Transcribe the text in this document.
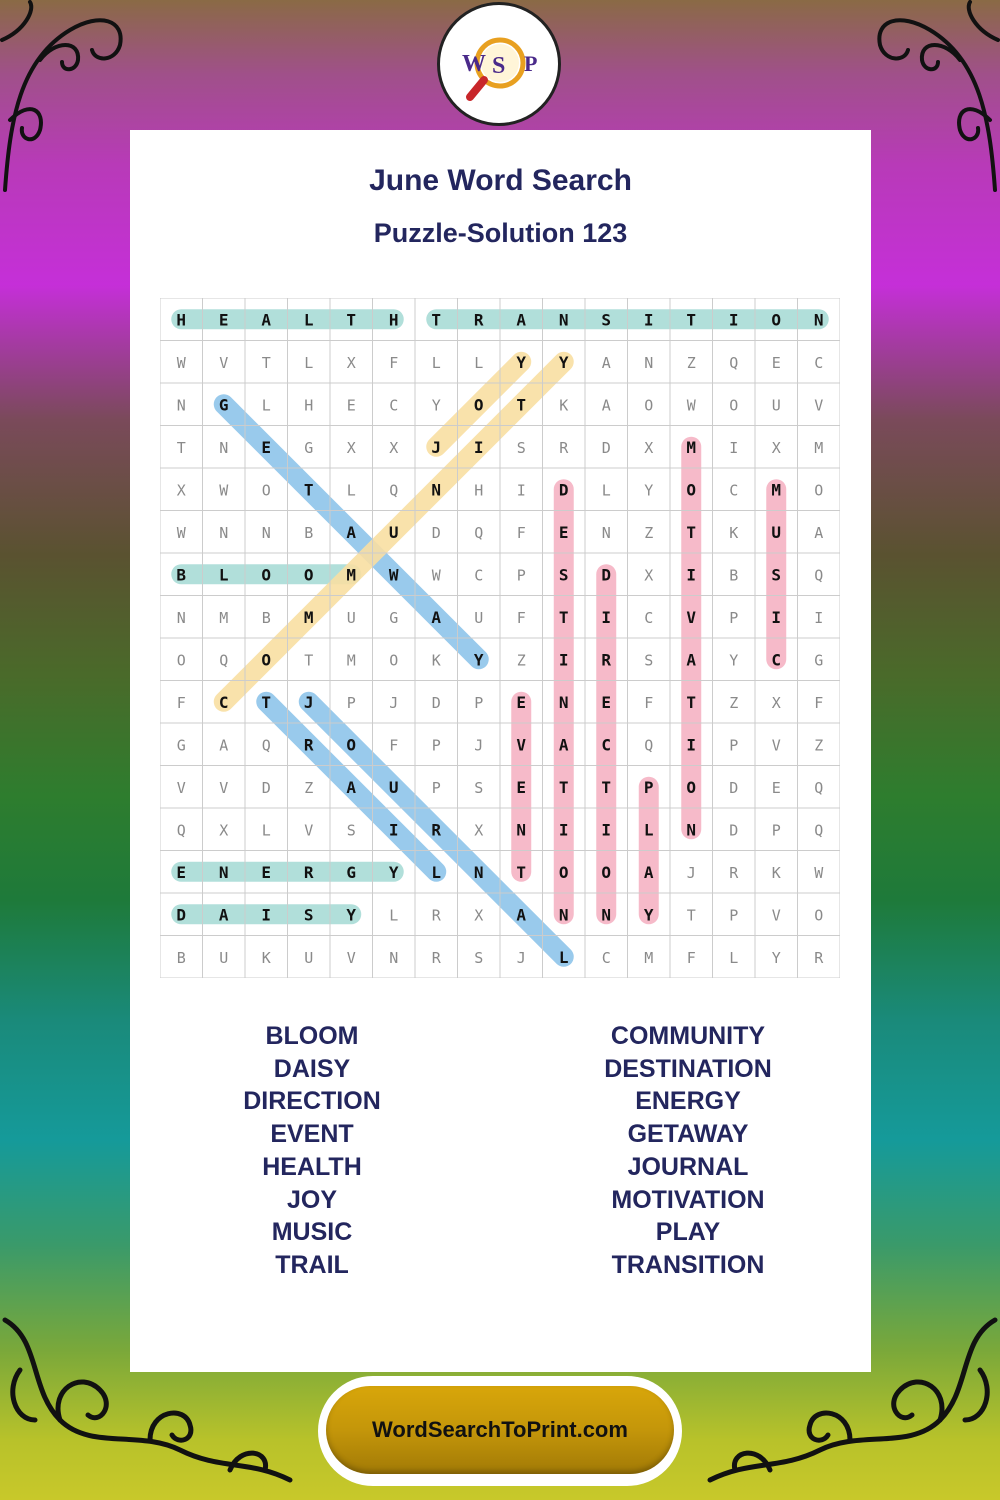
W S P
June Word Search
Puzzle-Solution 123
H E A L T H T R A N S I T I O N
W V T L X F L L Y Y A N Z Q E C
N G L H E C Y O T K A O W O U V
T N E G X X J I S R D X M I X M
X W O T L Q N H I D L Y O C M O
W N N B A U D Q F E N Z T K U A
B L O O M W W C P S D X I B S Q
N M B M U G A U F T I C V P I I
O Q O T M O K Y Z I R S A Y C G
F C T J P J D P E N E F T Z X F
G A Q R O F P J V A C Q I P V Z
V V D Z A U P S E T T P O D E Q
Q X L V S I R X N I I L N D P Q
E N E R G Y L N T O O A J R K W
D A I S Y L R X A N N Y T P V O
B U K U V N R S J L C M F L Y R
BLOOM
DAISY
DIRECTION
EVENT
HEALTH
JOY
MUSIC
TRAIL
COMMUNITY
DESTINATION
ENERGY
GETAWAY
JOURNAL
MOTIVATION
PLAY
TRANSITION
WordSearchToPrint.com
